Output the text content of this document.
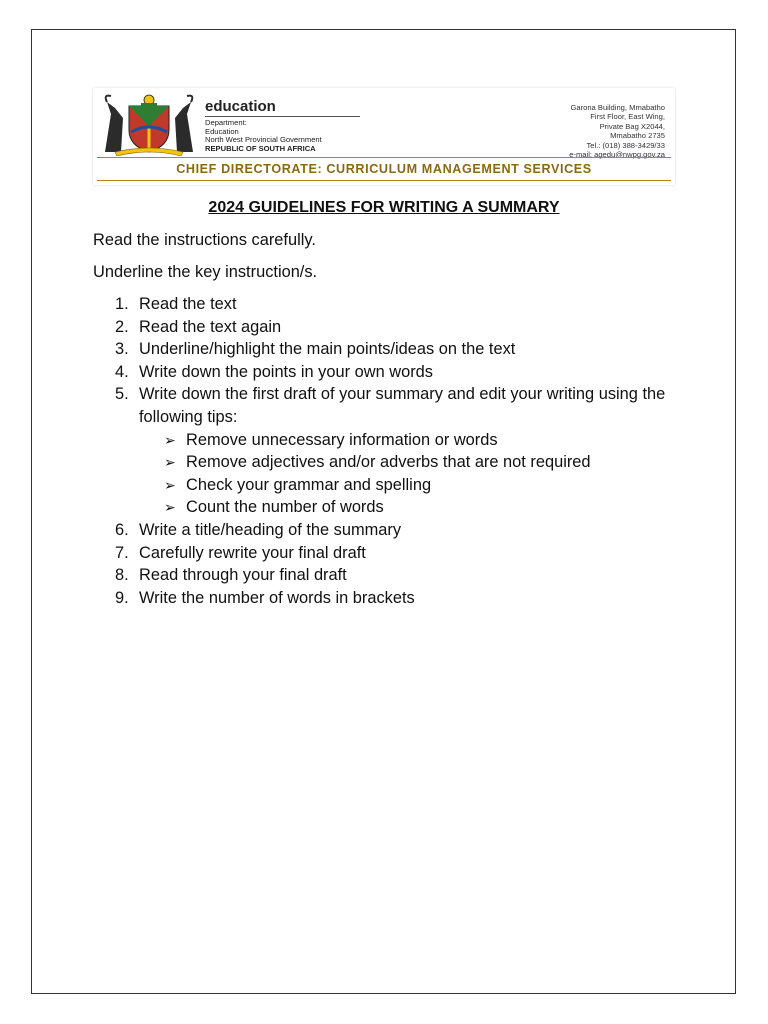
education
Department:
Education
North West Provincial Government
REPUBLIC OF SOUTH AFRICA
Garona Building, Mmabatho
First Floor, East Wing,
Private Bag X2044,
Mmabatho 2735
Tel.: (018) 388-3429/33
e-mail: agedu@nwpg.gov.za
CHIEF DIRECTORATE: CURRICULUM MANAGEMENT SERVICES
2024 GUIDELINES FOR WRITING A SUMMARY
Read the instructions carefully.
Underline the key instruction/s.
1. Read the text
2. Read the text again
3. Underline/highlight the main points/ideas on the text
4. Write down the points in your own words
5. Write down the first draft of your summary and edit your writing using the following tips:
➢ Remove unnecessary information or words
➢ Remove adjectives and/or adverbs that are not required
➢ Check your grammar and spelling
➢ Count the number of words
6. Write a title/heading of the summary
7. Carefully rewrite your final draft
8. Read through your final draft
9. Write the number of words in brackets
